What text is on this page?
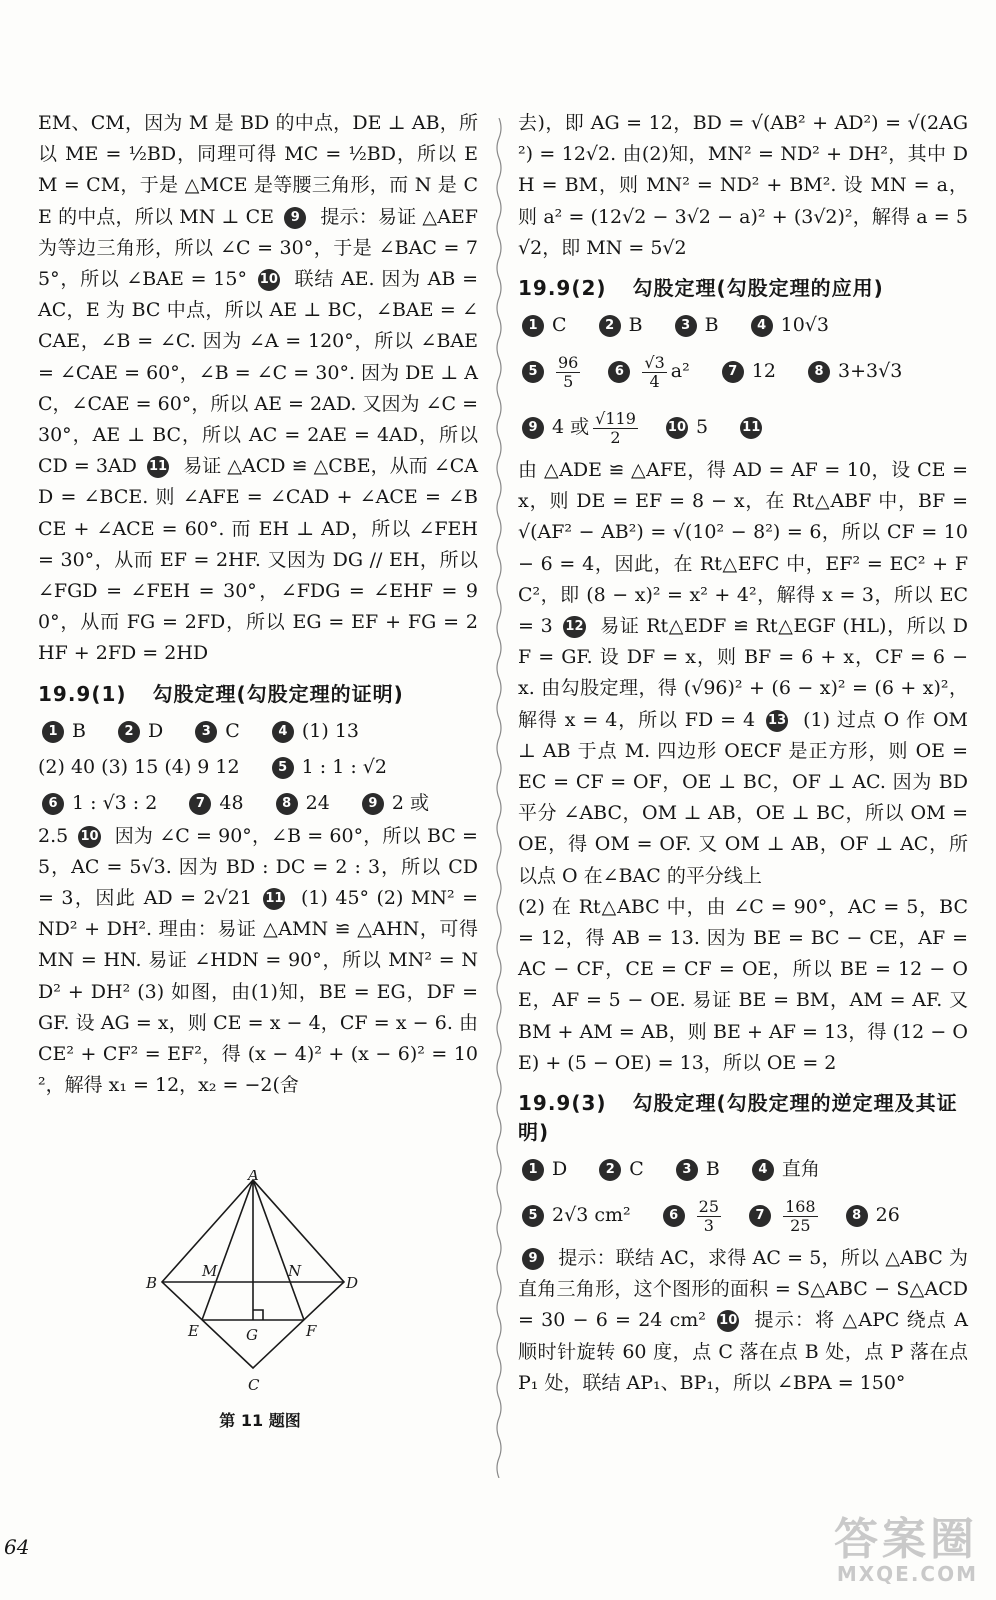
EM、CM，因为 M 是 BD 的中点，DE ⊥ AB，所以 ME = ½BD，同理可得 MC = ½BD，所以 EM = CM，于是 △MCE 是等腰三角形，而 N 是 CE 的中点，所以 MN ⊥ CE 9 提示：易证 △AEF 为等边三角形，所以 ∠C = 30°，于是 ∠BAC = 75°，所以 ∠BAE = 15° 10 联结 AE. 因为 AB = AC，E 为 BC 中点，所以 AE ⊥ BC，∠BAE = ∠CAE，∠B = ∠C. 因为 ∠A = 120°，所以 ∠BAE = ∠CAE = 60°，∠B = ∠C = 30°. 因为 DE ⊥ AC，∠CAE = 60°，所以 AE = 2AD. 又因为 ∠C = 30°，AE ⊥ BC，所以 AC = 2AE = 4AD，所以 CD = 3AD 11 易证 △ACD ≌ △CBE，从而 ∠CAD = ∠BCE. 则 ∠AFE = ∠CAD + ∠ACE = ∠BCE + ∠ACE = 60°. 而 EH ⊥ AD，所以 ∠FEH = 30°，从而 EF = 2HF. 又因为 DG // EH，所以 ∠FGD = ∠FEH = 30°，∠FDG = ∠EHF = 90°，从而 FG = 2FD，所以 EG = EF + FG = 2HF + 2FD = 2HD

19.9(1) 勾股定理(勾股定理的证明)
1 B	2 D	3 C	4 (1) 13
(2) 40 (3) 15 (4) 9 12	5 1 : 1 : √2
6 1 : √3 : 2	7 48	8 24	9 2 或

2.5 10 因为 ∠C = 90°，∠B = 60°，所以 BC = 5，AC = 5√3. 因为 BD : DC = 2 : 3，所以 CD = 3，因此 AD = 2√21 11 (1) 45° (2) MN² = ND² + DH². 理由：易证 △AMN ≌ △AHN，可得 MN = HN. 易证 ∠HDN = 90°，所以 MN² = ND² + DH² (3) 如图，由(1)知，BE = EG，DF = GF. 设 AG = x，则 CE = x − 4，CF = x − 6. 由 CE² + CF² = EF²，得 (x − 4)² + (x − 6)² = 10²，解得 x₁ = 12，x₂ = −2(舍

A
B
C
D
M	N
E	G	F
第 11 题图

去)，即 AG = 12，BD = √(AB² + AD²) = √(2AG²) = 12√2. 由(2)知，MN² = ND² + DH²，其中 DH = BM，则 MN² = ND² + BM². 设 MN = a，则 a² = (12√2 − 3√2 − a)² + (3√2)²，解得 a = 5√2，即 MN = 5√2

19.9(2) 勾股定理(勾股定理的应用)
1 C	2 B	3 B	4 10√3
$5 \frac{96}{5}$	$6 \frac{√3}{4} a^2$	7 12	8 3+3√3
9 4 或 $\frac{√119}{2} 10$ 5	11

由 △ADE ≌ △AFE，得 AD = AF = 10，设 CE = x，则 DE = EF = 8 − x，在 Rt△ABF 中，BF = √(AF² − AB²) = √(10² − 8²) = 6，所以 CF = 10 − 6 = 4，因此，在 Rt△EFC 中，EF² = EC² + FC²，即 (8 − x)² = x² + 4²，解得 x = 3，所以 EC = 3 12 易证 Rt△EDF ≌ Rt△EGF (HL)，所以 DF = GF. 设 DF = x，则 BF = 6 + x，CF = 6 − x. 由勾股定理，得 (√96)² + (6 − x)² = (6 + x)²，解得 x = 4，所以 FD = 4 13 (1) 过点 O 作 OM ⊥ AB 于点 M. 四边形 OECF 是正方形，则 OE = EC = CF = OF，OE ⊥ BC，OF ⊥ AC. 因为 BD 平分 ∠ABC，OM ⊥ AB，OE ⊥ BC，所以 OM = OE，得 OM = OF. 又 OM ⊥ AB，OF ⊥ AC，所以点 O 在∠BAC 的平分线上

(2) 在 Rt△ABC 中，由 ∠C = 90°，AC = 5，BC = 12，得 AB = 13. 因为 BE = BC − CE，AF = AC − CF，CE = CF = OE，所以 BE = 12 − OE，AF = 5 − OE. 易证 BE = BM，AM = AF. 又 BM + AM = AB，则 BE + AF = 13，得 (12 − OE) + (5 − OE) = 13，所以 OE = 2

19.9(3) 勾股定理(勾股定理的逆定理及其证明)
1 D	2 C	3 B	4 直角
5 2√3 cm²	$6 \frac{25}{3}$	$7 \frac{168}{25}$	8 26

9 提示：联结 AC，求得 AC = 5，所以 △ABC 为直角三角形，这个图形的面积 = S△ABC − S△ACD = 30 − 6 = 24 cm² 10 提示：将 △APC 绕点 A 顺时针旋转 60 度，点 C 落在点 B 处，点 P 落在点 P₁ 处，联结 AP₁、BP₁，所以 ∠BPA = 150°

64	答案圈
MXQE.COM
